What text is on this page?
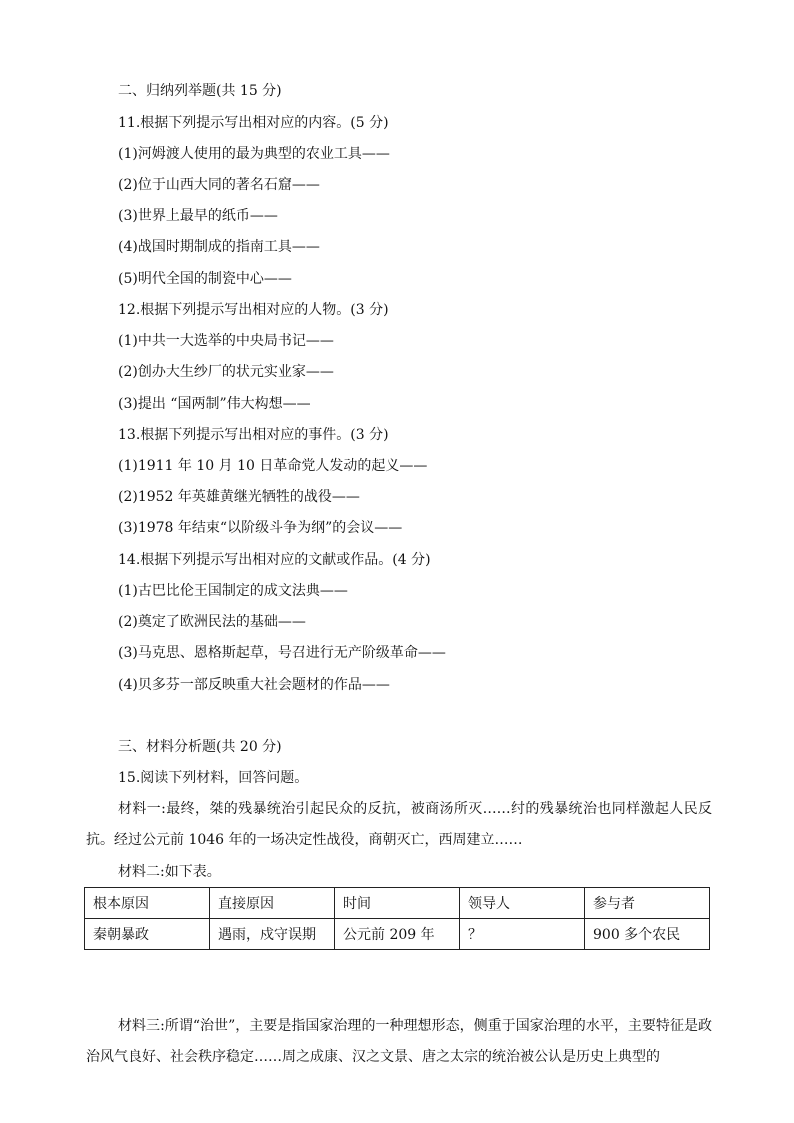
二、归纳列举题(共 15 分)
11.根据下列提示写出相对应的内容。(5 分)
(1)河姆渡人使用的最为典型的农业工具——
(2)位于山西大同的著名石窟——
(3)世界上最早的纸币——
(4)战国时期制成的指南工具——
(5)明代全国的制瓷中心——
12.根据下列提示写出相对应的人物。(3 分)
(1)中共一大选举的中央局书记——
(2)创办大生纱厂的状元实业家——
(3)提出 “国两制”伟大构想——
13.根据下列提示写出相对应的事件。(3 分)
(1)1911 年 10 月 10 日革命党人发动的起义——
(2)1952 年英雄黄继光牺牲的战役——
(3)1978 年结束“以阶级斗争为纲”的会议——
14.根据下列提示写出相对应的文献或作品。(4 分)
(1)古巴比伦王国制定的成文法典——
(2)奠定了欧洲民法的基础——
(3)马克思、恩格斯起草，号召进行无产阶级革命——
(4)贝多芬一部反映重大社会题材的作品——
三、材料分析题(共 20 分)
15.阅读下列材料，回答问题。
材料一:最终，桀的残暴统治引起民众的反抗，被商汤所灭……纣的残暴统治也同样激起人民反抗。经过公元前 1046 年的一场决定性战役，商朝灭亡，西周建立……
材料二:如下表。
根本原因	直接原因	时间	领导人	参与者
秦朝暴政	遇雨，戍守误期	公元前 209 年	？	900 多个农民
材料三:所谓“治世”，主要是指国家治理的一种理想形态，侧重于国家治理的水平，主要特征是政治风气良好、社会秩序稳定……周之成康、汉之文景、唐之太宗的统治被公认是历史上典型的
